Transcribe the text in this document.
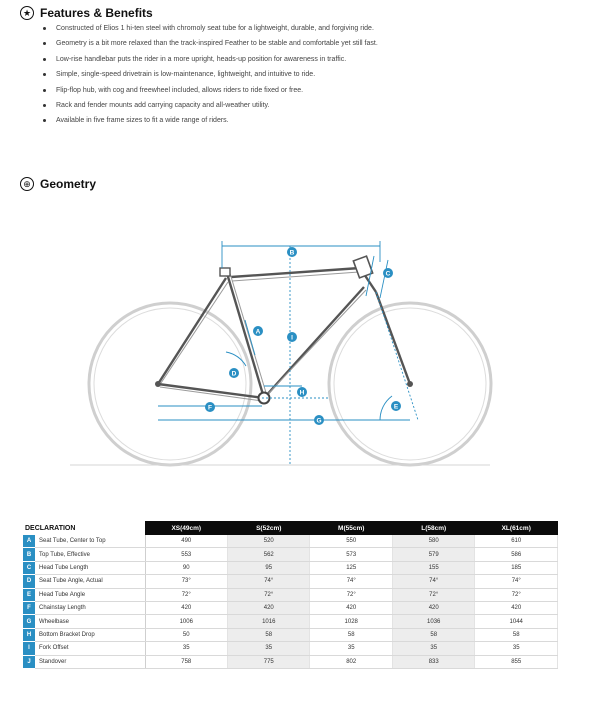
★ Features & Benefits
Constructed of Elios 1 hi-ten steel with chromoly seat tube for a lightweight, durable, and forgiving ride.
Geometry is a bit more relaxed than the track-inspired Feather to be stable and comfortable yet still fast.
Low-rise handlebar puts the rider in a more upright, heads-up position for awareness in traffic.
Simple, single-speed drivetrain is low-maintenance, lightweight, and intuitive to ride.
Flip-flop hub, with cog and freewheel included, allows riders to ride fixed or free.
Rack and fender mounts add carrying capacity and all-weather utility.
Available in five frame sizes to fit a wide range of riders.
⊕ Geometry
B
A
C
D
E
F
G
H
I
DECLARATION		XS(49cm)	S(52cm)	M(55cm)	L(58cm)	XL(61cm)
A	Seat Tube, Center to Top	490	520	550	580	610
B	Top Tube, Effective	553	562	573	579	586
C	Head Tube Length	90	95	125	155	185
D	Seat Tube Angle, Actual	73°	74°	74°	74°	74°
E	Head Tube Angle	72°	72°	72°	72°	72°
F	Chainstay Length	420	420	420	420	420
G	Wheelbase	1006	1016	1028	1036	1044
H	Bottom Bracket Drop	50	58	58	58	58
I	Fork Offset	35	35	35	35	35
J	Standover	758	775	802	833	855
